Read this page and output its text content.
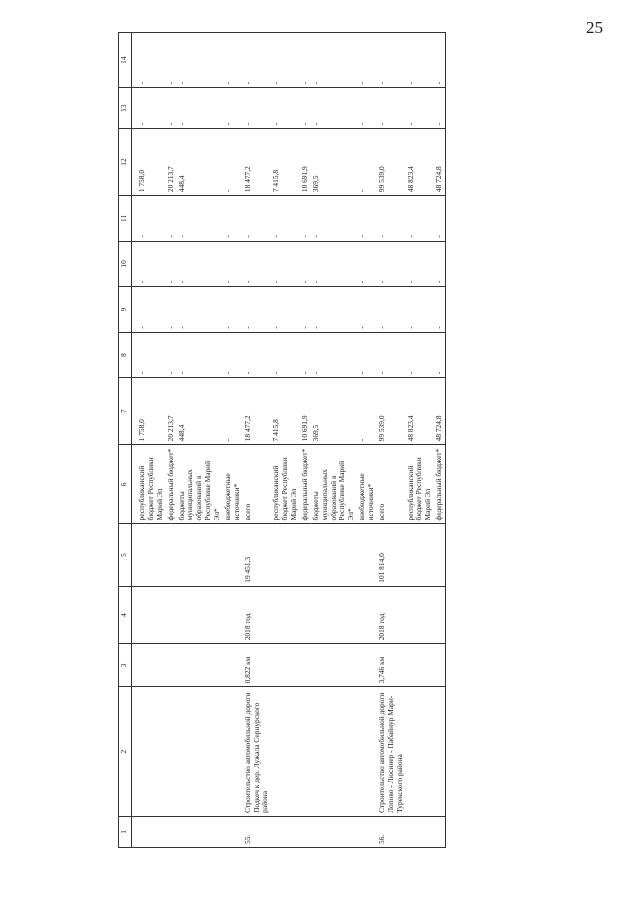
25
1	2	3	4	5	6	7	8	9	10	11	12	13	14
					республиканский бюджет Республики Марий Эл	1 758,0	-	-	-	-	1 758,0	-	-
					федеральный бюджет*	20 213,7	-	-	-	-	20 213,7	-	-
					бюджеты муниципальных образований в Республике Марий Эл*	448,4	-	-	-	-	448,4	-	-
					внебюджетные источники*	-	-	-	-	-	-	-	-
55.	Строительство автомобильной дороги Подкеч к дер. Лужала Сернурского района	0,822 км	2018 год	19 451,3	всего	18 477,2	-	-	-	-	18 477,2	-	-
					республиканский бюджет Республики Марий Эл	7 415,8	-	-	-	-	7 415,8	-	-
					федеральный бюджет*	10 691,9	-	-	-	-	10 691,9	-	-
					бюджеты муниципальных образований в Республике Марий Эл*	369,5	-	-	-	-	369,5	-	-
					внебюджетные источники*	-	-	-	-	-	-	-	-
56.	Строительство автомобильной дороги Лопово - Люсинер - Пабайнур Мари-Турекского района	3,746 км	2018 год	101 814,0	всего	99 539,0	-	-	-	-	99 539,0	-	-
					республиканский бюджет Республики Марий Эл	48 823,4	-	-	-	-	48 823,4	-	-
					федеральный бюджет*	48 724,8	-	-	-	-	48 724,8	-	-
